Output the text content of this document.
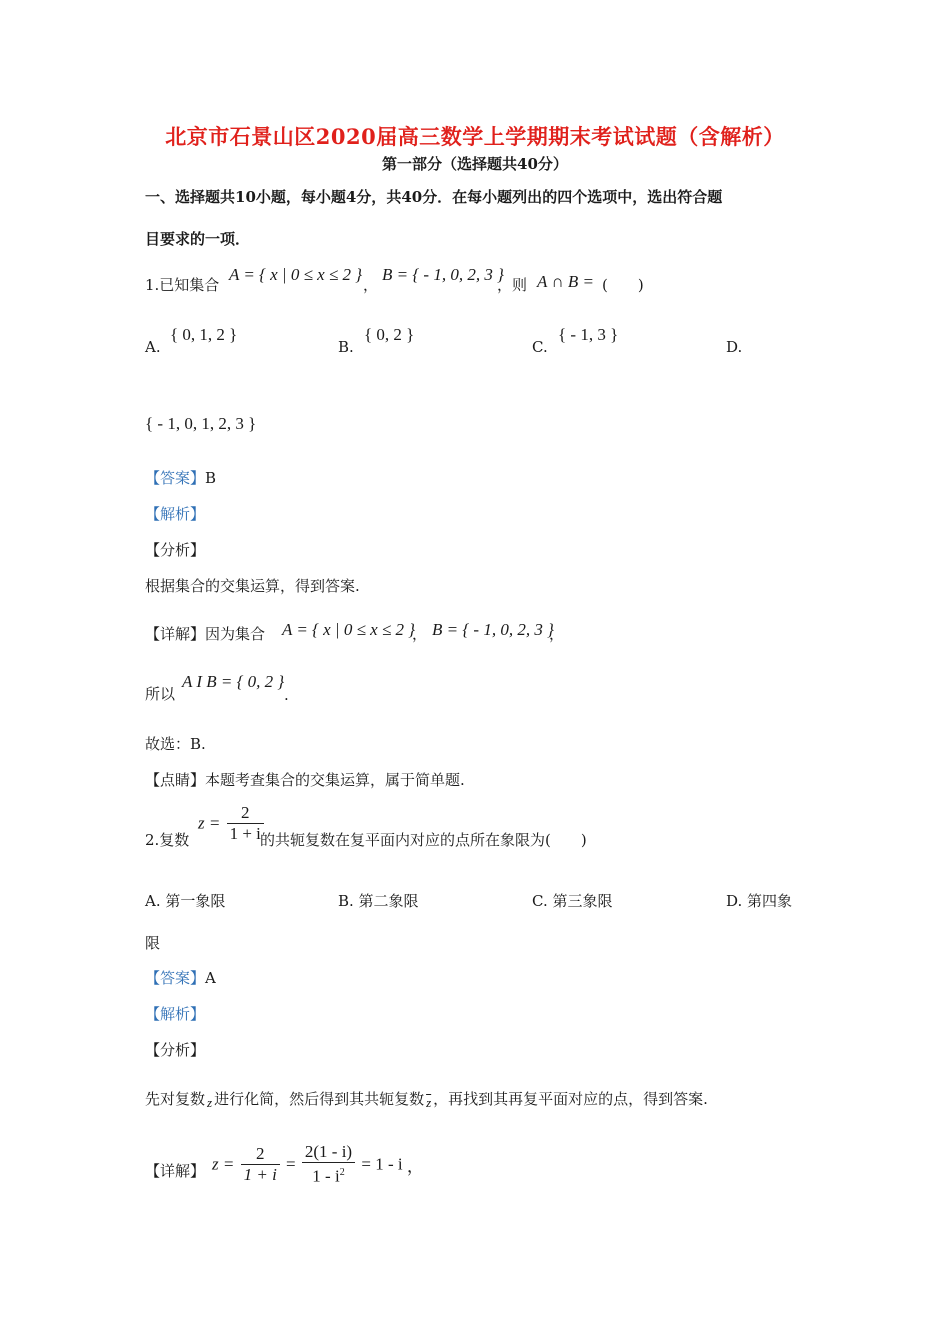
北京市石景山区2020届高三数学上学期期末考试试题（含解析）
第一部分（选择题共40分）
一、选择题共10小题，每小题4分，共40分．在每小题列出的四个选项中，选出符合题
目要求的一项．
1.已知集合
A = { x | 0 ≤ x ≤ 2 }
，
B = { - 1, 0, 2, 3 }
，则 A ∩ B = (　　)
A.
{ 0, 1, 2 }
B.
{ 0, 2 }
C.
{ - 1, 3 }
D.
{ - 1, 0, 1, 2, 3 }
【答案】B
【解析】
【分析】
根据集合的交集运算，得到答案.
【详解】因为集合 A = { x | 0 ≤ x ≤ 2 }
， B = { - 1, 0, 2, 3 }
，
所以
A I B = { 0, 2 }
.
故选：B.
【点睛】本题考查集合的交集运算，属于简单题.
2.复数
$z = \frac{2}{1 + i}$
的共轭复数在复平面内对应的点所在象限为(　　)
A. 第一象限	B. 第二象限	C. 第三象限	D. 第四象
限
【答案】A
【解析】
【分析】
先对复数 z 进行化简，然后得到其共轭复数 $\overline{z}$ ，再找到其再复平面对应的点，得到答案.
【详解】 $z = \frac{2}{1 + i} = \frac{2(1 - i)}{1 - i^2} = 1 - i$ ，
